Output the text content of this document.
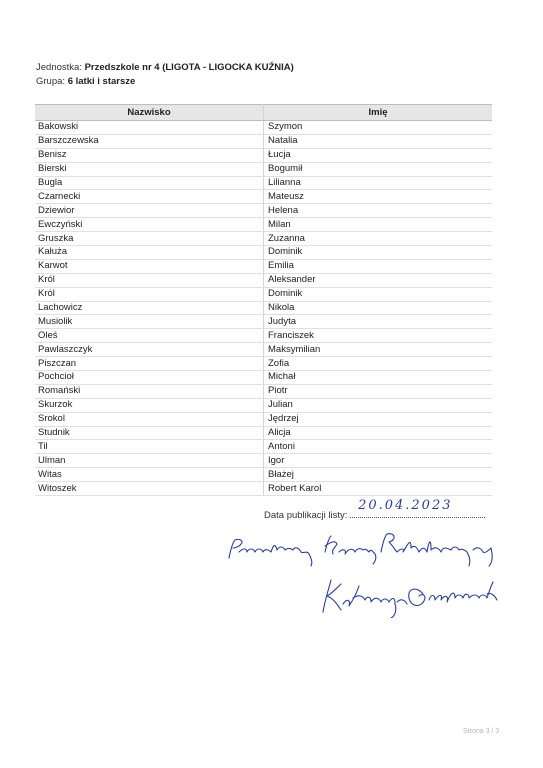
Jednostka: Przedszkole nr 4 (LIGOTA - LIGOCKA KUŹNIA)
Grupa: 6 latki i starsze
Nazwisko	Imię
Bakowski	Szymon
Barszczewska	Natalia
Benisz	Łucja
Bierski	Bogumił
Bugla	Lilianna
Czarnecki	Mateusz
Dziewior	Helena
Ewczyński	Milan
Gruszka	Zuzanna
Kałuża	Dominik
Karwot	Emilia
Król	Aleksander
Król	Dominik
Lachowicz	Nikola
Musiolik	Judyta
Oleś	Franciszek
Pawlaszczyk	Maksymilian
Piszczan	Zofia
Pochcioł	Michał
Romański	Piotr
Skurzok	Julian
Srokol	Jędrzej
Studnik	Alicja
Til	Antoni
Ulman	Igor
Witas	Błażej
Witoszek	Robert Karol
Data publikacji listy:
20.04.2023
Strona 3 / 3
